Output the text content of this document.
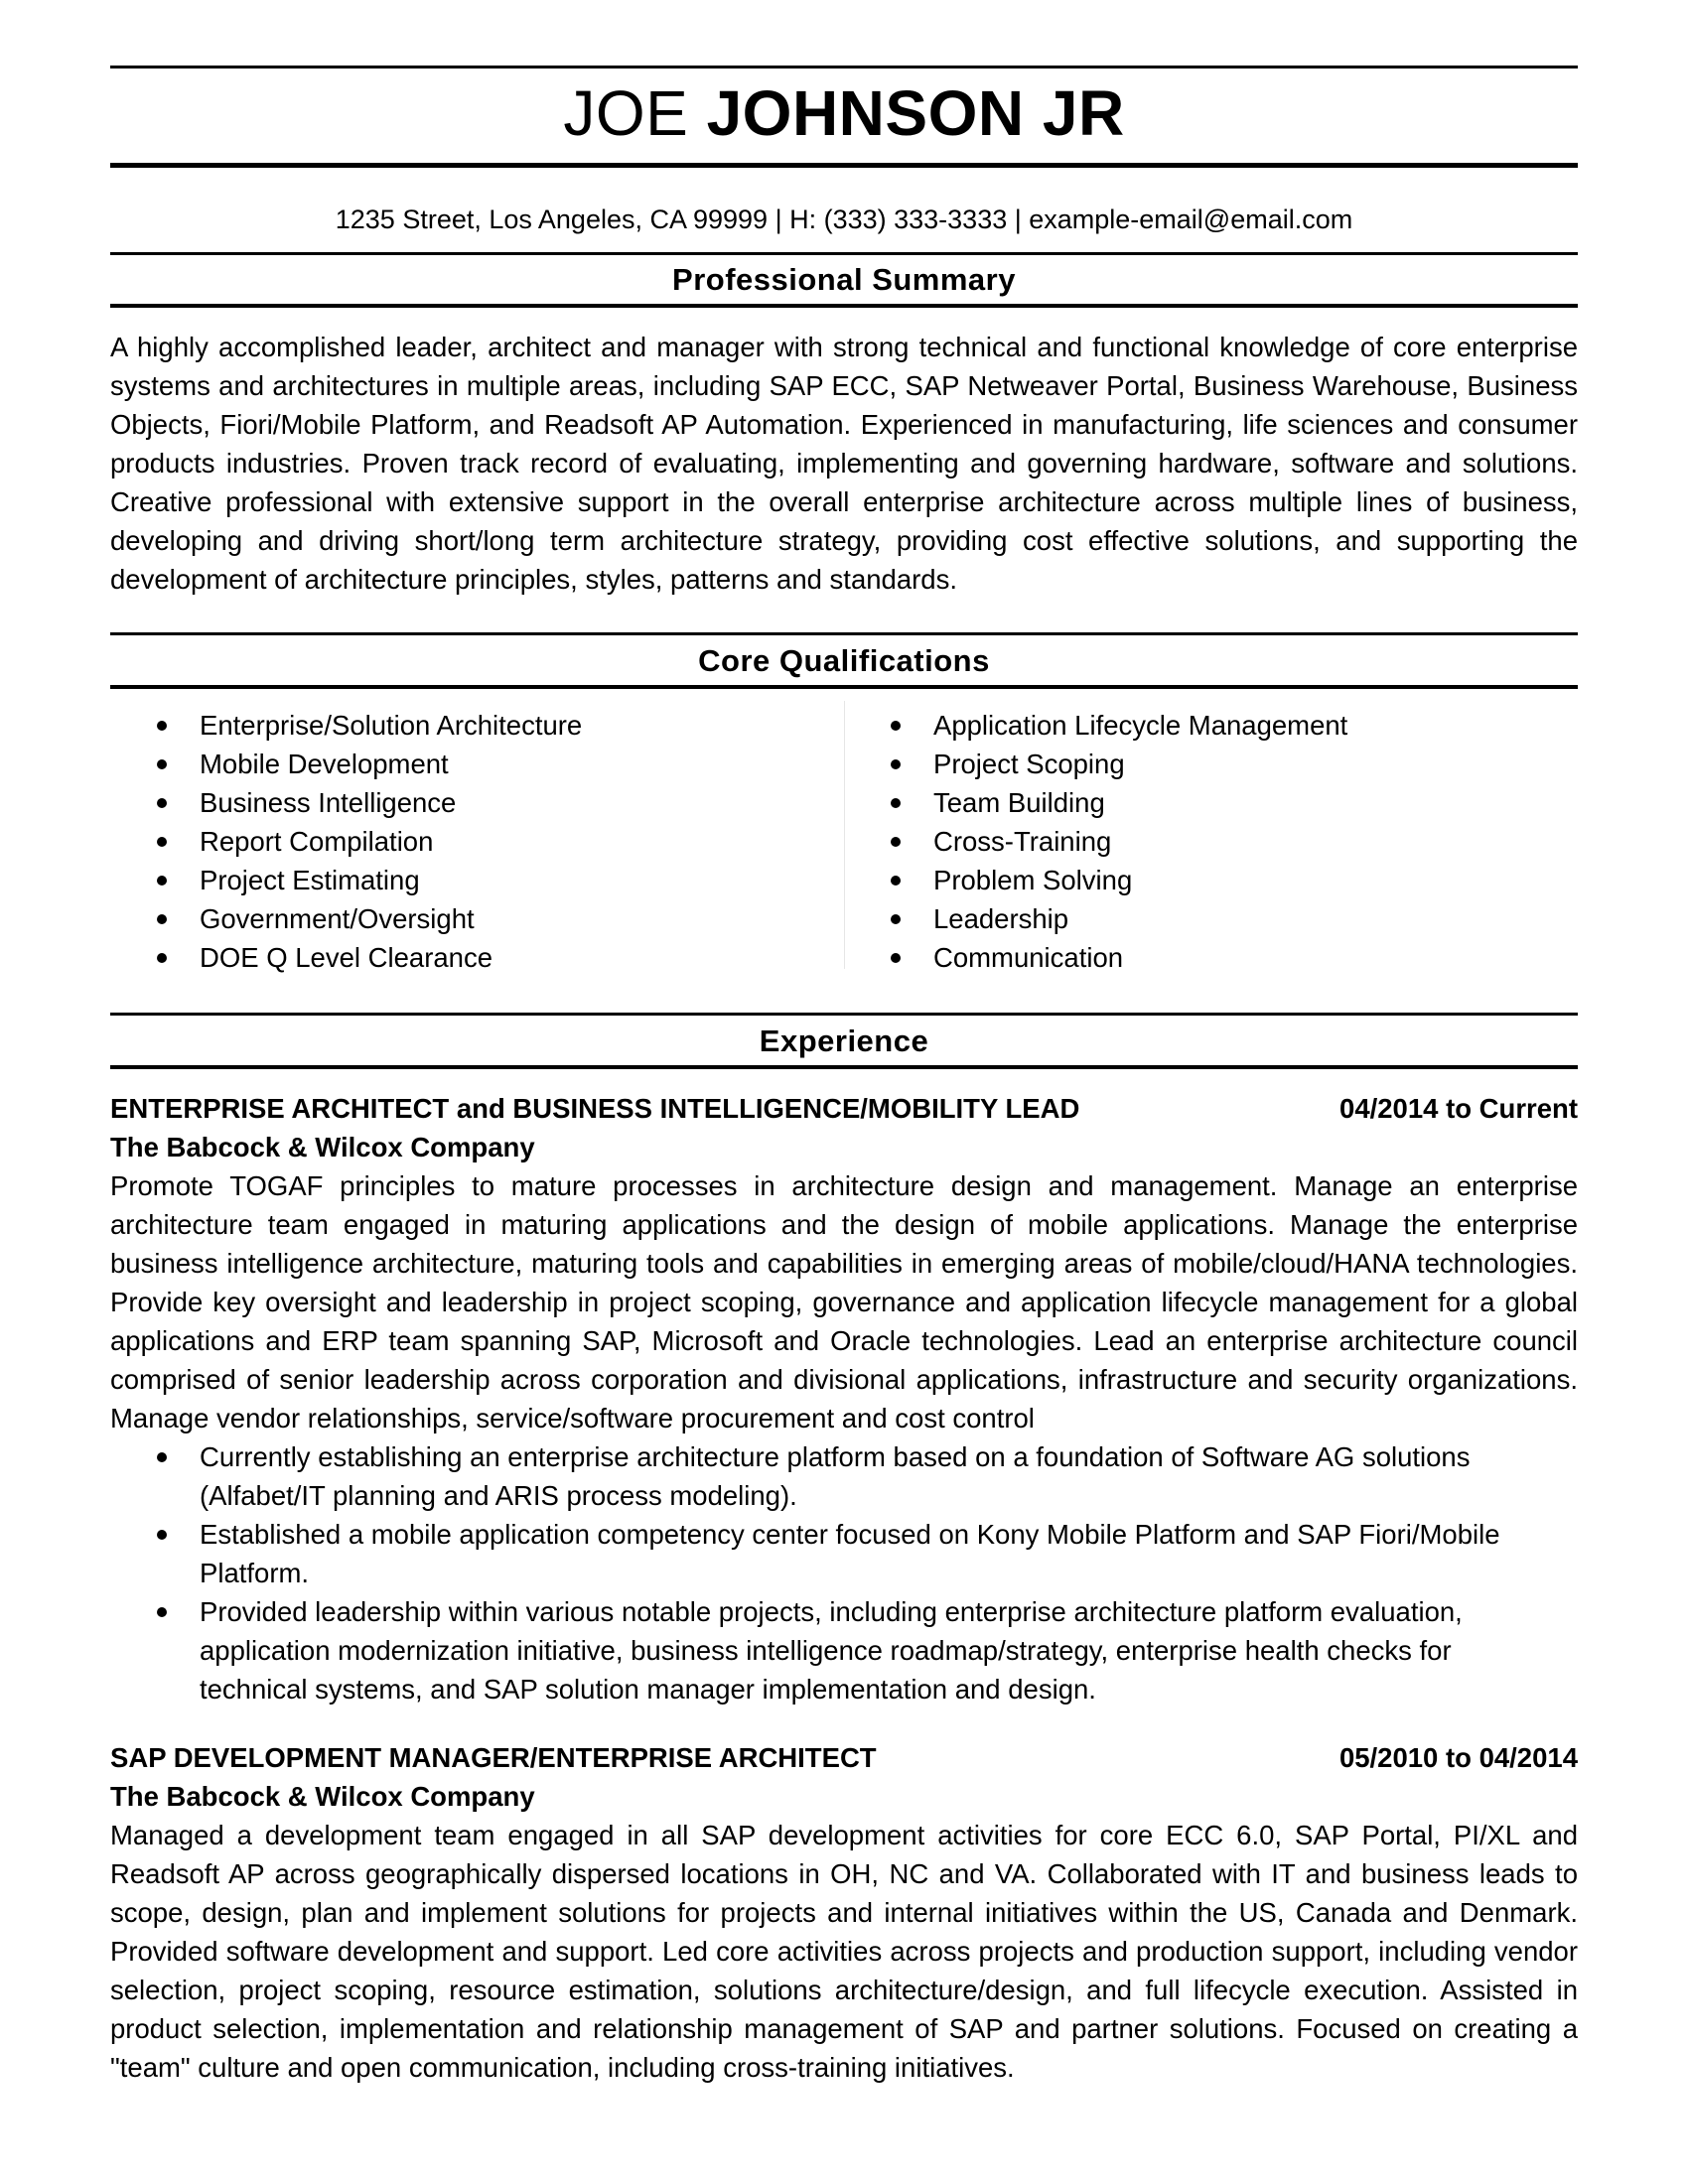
JOE JOHNSON JR
1235 Street, Los Angeles, CA 99999 | H: (333) 333-3333 | example-email@email.com
Professional Summary

A highly accomplished leader, architect and manager with strong technical and functional knowledge of core enterprise systems and architectures in multiple areas, including SAP ECC, SAP Netweaver Portal, Business Warehouse, Business Objects, Fiori/Mobile Platform, and Readsoft AP Automation. Experienced in manufacturing, life sciences and consumer products industries. Proven track record of evaluating, implementing and governing hardware, software and solutions. Creative professional with extensive support in the overall enterprise architecture across multiple lines of business, developing and driving short/long term architecture strategy, providing cost effective solutions, and supporting the development of architecture principles, styles, patterns and standards.

Core Qualifications
Enterprise/Solution Architecture
Mobile Development
Business Intelligence
Report Compilation
Project Estimating
Government/Oversight
DOE Q Level Clearance
Application Lifecycle Management
Project Scoping
Team Building
Cross-Training
Problem Solving
Leadership
Communication
Experience
ENTERPRISE ARCHITECT and BUSINESS INTELLIGENCE/MOBILITY LEAD	04/2014 to Current
The Babcock & Wilcox Company

Promote TOGAF principles to mature processes in architecture design and management. Manage an enterprise architecture team engaged in maturing applications and the design of mobile applications. Manage the enterprise business intelligence architecture, maturing tools and capabilities in emerging areas of mobile/cloud/HANA technologies. Provide key oversight and leadership in project scoping, governance and application lifecycle management for a global applications and ERP team spanning SAP, Microsoft and Oracle technologies. Lead an enterprise architecture council comprised of senior leadership across corporation and divisional applications, infrastructure and security organizations. Manage vendor relationships, service/software procurement and cost control

Currently establishing an enterprise architecture platform based on a foundation of Software AG solutions (Alfabet/IT planning and ARIS process modeling).
Established a mobile application competency center focused on Kony Mobile Platform and SAP Fiori/Mobile Platform.
Provided leadership within various notable projects, including enterprise architecture platform evaluation, application modernization initiative, business intelligence roadmap/strategy, enterprise health checks for technical systems, and SAP solution manager implementation and design.
SAP DEVELOPMENT MANAGER/ENTERPRISE ARCHITECT	05/2010 to 04/2014
The Babcock & Wilcox Company

Managed a development team engaged in all SAP development activities for core ECC 6.0, SAP Portal, PI/XL and Readsoft AP across geographically dispersed locations in OH, NC and VA. Collaborated with IT and business leads to scope, design, plan and implement solutions for projects and internal initiatives within the US, Canada and Denmark. Provided software development and support. Led core activities across projects and production support, including vendor selection, project scoping, resource estimation, solutions architecture/design, and full lifecycle execution. Assisted in product selection, implementation and relationship management of SAP and partner solutions. Focused on creating a "team" culture and open communication, including cross-training initiatives.
